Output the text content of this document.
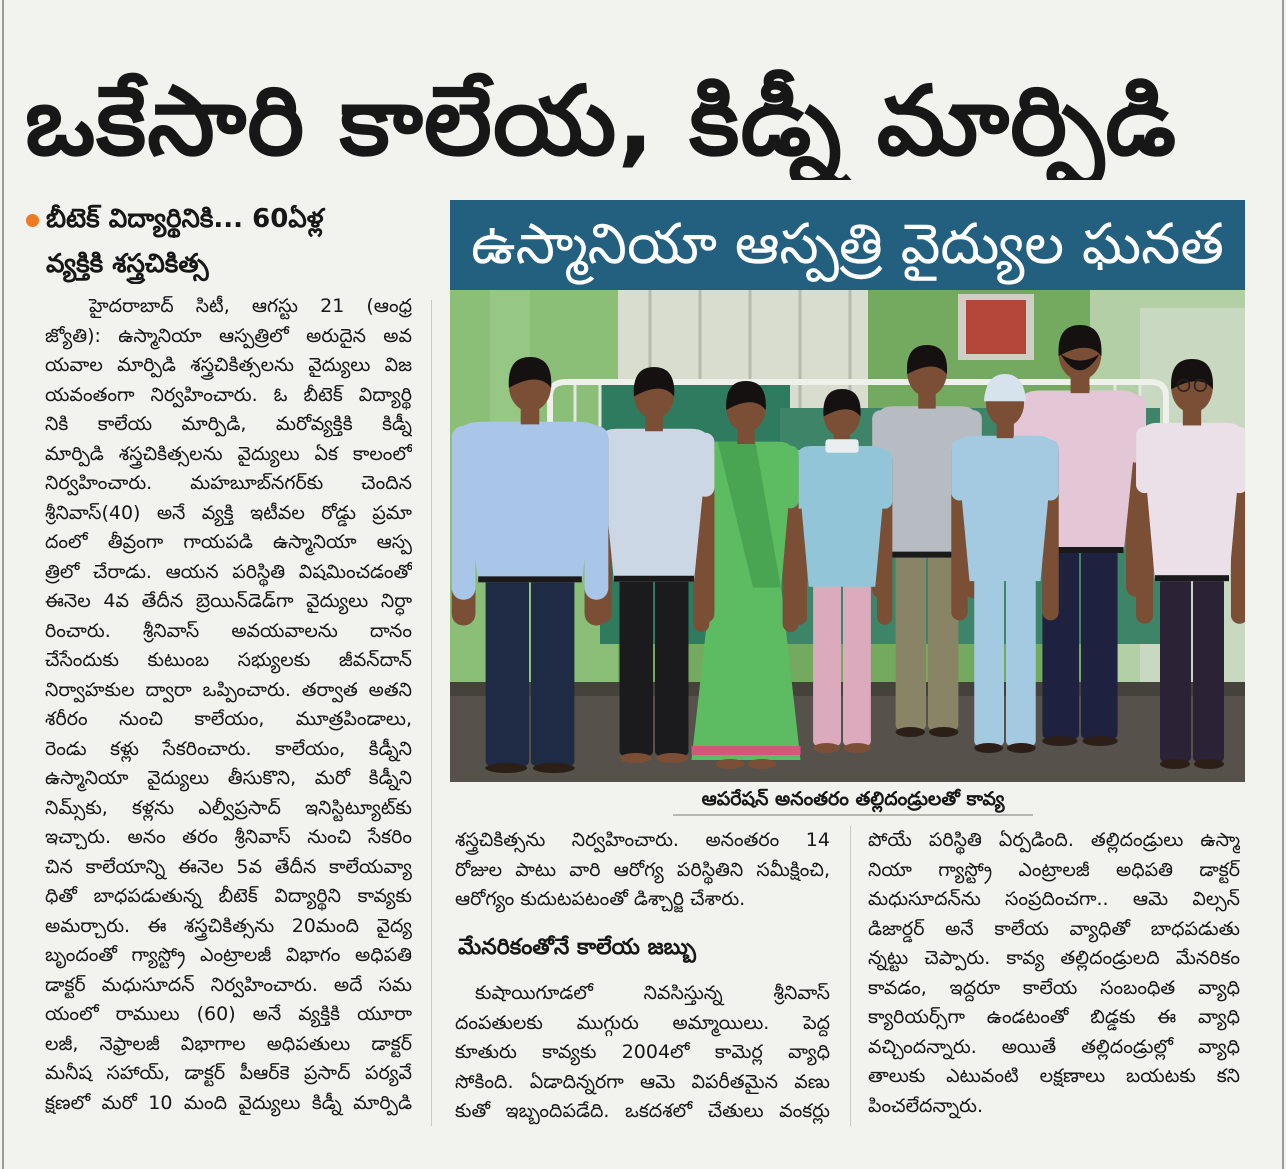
ఒకేసారి కాలేయ, కిడ్నీ మార్పిడి
బీటెక్ విద్యార్థినికి... 60ఏళ్ల
వ్యక్తికి శస్త్రచికిత్స
హైదరాబాద్ సిటీ, ఆగస్టు 21 (ఆంధ్ర
జ్యోతి): ఉస్మానియా ఆస్పత్రిలో అరుదైన అవ
యవాల మార్పిడి శస్త్రచికిత్సలను వైద్యులు విజ
యవంతంగా నిర్వహించారు. ఓ బీటెక్ విద్యార్థి
నికి కాలేయ మార్పిడి, మరోవ్యక్తికి కిడ్నీ
మార్పిడి శస్త్రచికిత్సలను వైద్యులు ఏక కాలంలో
నిర్వహించారు. మహబూబ్‌నగర్‌కు చెందిన
శ్రీనివాస్(40) అనే వ్యక్తి ఇటీవల రోడ్డు ప్రమా
దంలో తీవ్రంగా గాయపడి ఉస్మానియా ఆస్ప
త్రిలో చేరాడు. ఆయన పరిస్థితి విషమించడంతో
ఈనెల 4వ తేదీన బ్రెయిన్‌డెడ్‌గా వైద్యులు నిర్ధా
రించారు. శ్రీనివాస్ అవయవాలను దానం
చేసేందుకు కుటుంబ సభ్యులకు జీవన్‌దాన్
నిర్వాహకుల ద్వారా ఒప్పించారు. తర్వాత అతని
శరీరం నుంచి కాలేయం, మూత్రపిండాలు,
రెండు కళ్లు సేకరించారు. కాలేయం, కిడ్నీని
ఉస్మానియా వైద్యులు తీసుకొని, మరో కిడ్నీని
నిమ్స్‌కు, కళ్లను ఎల్వీప్రసాద్ ఇనిస్టిట్యూట్‌కు
ఇచ్చారు. అనం తరం శ్రీనివాస్ నుంచి సేకరిం
చిన కాలేయాన్ని ఈనెల 5వ తేదీన కాలేయవ్యా
ధితో బాధపడుతున్న బీటెక్ విద్యార్థిని కావ్యకు
అమర్చారు. ఈ శస్త్రచికిత్సను 20మంది వైద్య
బృందంతో గ్యాస్ట్రో ఎంట్రాలజీ విభాగం అధిపతి
డాక్టర్ మధుసూదన్ నిర్వహించారు. అదే సమ
యంలో రాములు (60) అనే వ్యక్తికి యూరా
లజీ, నెఫ్రాలజీ విభాగాల అధిపతులు డాక్టర్
మనీష సహాయ్, డాక్టర్ పీఆర్‌కె ప్రసాద్ పర్యవే
క్షణలో మరో 10 మంది వైద్యులు కిడ్నీ మార్పిడి
ఉస్మానియా ఆస్పత్రి వైద్యుల ఘనత
ఆపరేషన్ అనంతరం తల్లిదండ్రులతో కావ్య
శస్త్రచికిత్సను నిర్వహించారు. అనంతరం 14
రోజుల పాటు వారి ఆరోగ్య పరిస్థితిని సమీక్షించి,
ఆరోగ్యం కుదుటపటంతో డిశ్చార్జి చేశారు.
మేనరికంతోనే కాలేయ జబ్బు
కుషాయిగూడలో నివసిస్తున్న శ్రీనివాస్
దంపతులకు ముగ్గురు అమ్మాయిలు. పెద్ద
కూతురు కావ్యకు 2004లో కామెర్ల వ్యాధి
సోకింది. ఏడాదిన్నరగా ఆమె విపరీతమైన వణు
కుతో ఇబ్బందిపడేది. ఒకదశలో చేతులు వంకర్లు
పోయే పరిస్థితి ఏర్పడింది. తల్లిదండ్రులు ఉస్మా
నియా గ్యాస్ట్రో ఎంట్రాలజీ అధిపతి డాక్టర్
మధుసూదన్‌ను సంప్రదించగా.. ఆమె విల్సన్
డిజార్డర్ అనే కాలేయ వ్యాధితో బాధపడుతు
న్నట్టు చెప్పారు. కావ్య తల్లిదండ్రులది మేనరికం
కావడం, ఇద్దరూ కాలేయ సంబంధిత వ్యాధి
క్యారియర్స్‌గా ఉండటంతో బిడ్డకు ఈ వ్యాధి
వచ్చిందన్నారు. అయితే తల్లిదండ్రుల్లో వ్యాధి
తాలుకు ఎటువంటి లక్షణాలు బయటకు కని
పించలేదన్నారు.
